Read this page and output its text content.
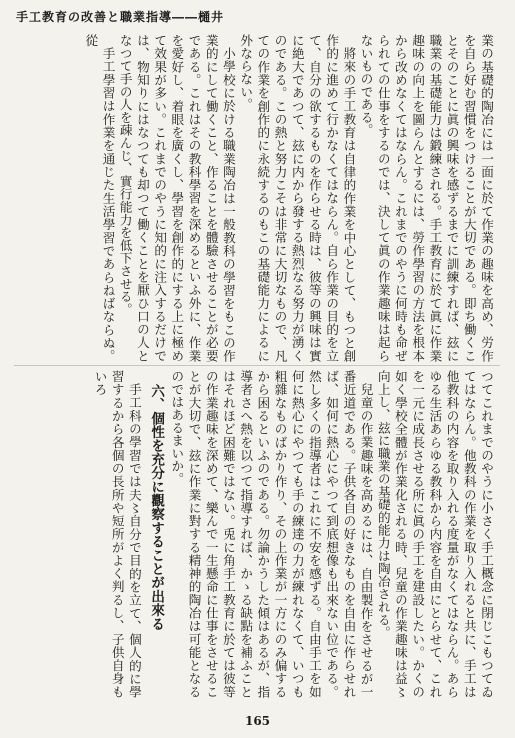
手工教育の改善と職業指導――樋井

業の基礎的陶冶には一面に於て作業の趣味を高め、労作を自ら好む習慣をつけることが大切である。即ち働くことそのことに眞の興味を感ずるまでに訓練すれば、玆に職業の基礎能力は鍛練される。手工教育に於て眞に作業趣味の向上を圖らんとするには、勞作學習の方法を根本から改めなくてはならん。これまでのやうに何時も命ぜられての仕事をするのでは、決して眞の作業趣味は起らないものである。

將來の手工教育は自律的作業を中心として、もつと創作的に進めて行かなくてはならん。自ら作業の目的を立て、自分の欲するものを作らせる時は、彼等の興味は實に絶大であつて、玆に内から發する熱烈なる努力が湧くのである。この熱と努力こそは非常に大切なもので、凡ての作業を創作的に永続するのもこの基礎能力によるに外ならない。

小學校に於ける職業陶冶は一般教科の學習をもこの作業的にして働くこと、作ることを體驗させることが必要である。これはその教科學習を深めるといふ外に、作業を愛好し、着眼を廣くし、學習を創作的にする上に極めて效果が多い。これまでのやうに知的に注入するだけでは、物知りにはなつても却つて働くことを厭ひ口の人となつて手の人を疎んじ、實行能力を低下させる。

手工學習は作業を通じた生活學習であらねばならぬ。從

つてこれまでのやうに小さく手工概念に閉じこもつてゐてはならん。他教科の作業を取り入れると共に、手工は他教科の内容を取り入れる度量がなくてはならん。あらゆる生活あらゆる教科から内容を自由にとらせて、これを一元に成長させる所に眞の手工を建設したい。かくの如く學校全體が作業化される時、兒童の作業趣味は益〻向上し、玆に職業の基礎的能力は陶冶される。

兒童の作業趣味を高めるには、自由製作をさせるが一番近道である。子供各自の好きなものを自由に作らせれば、如何に熱心にやつて到底想像も出來ない位である。然し多くの指導者はこれに不安を感ずる。自由手工を如何に熱心にやつても手の練達の力が練れなくて、いつも粗雜なものばかり作り、その上作業が一方にのみ偏するから困るといふのである。勿論かうした傾はあるが、指導者さへ熱を以つて指導すれば、かゝる缺點を補ふことはそれほど困難ではない。兎に角手工教育に於ては彼等の作業趣味を深めて、樂んで一生懸命に仕事をさせることが大切で、玆に作業に對する精神的陶冶は可能となるのではあるまいか。

六、個性を充分に觀察することが出來る

手工科の學習では夫〻自分で目的を立て、個人的に學習するから各個の長所や短所がよく判るし、子供自身もいろ

165
